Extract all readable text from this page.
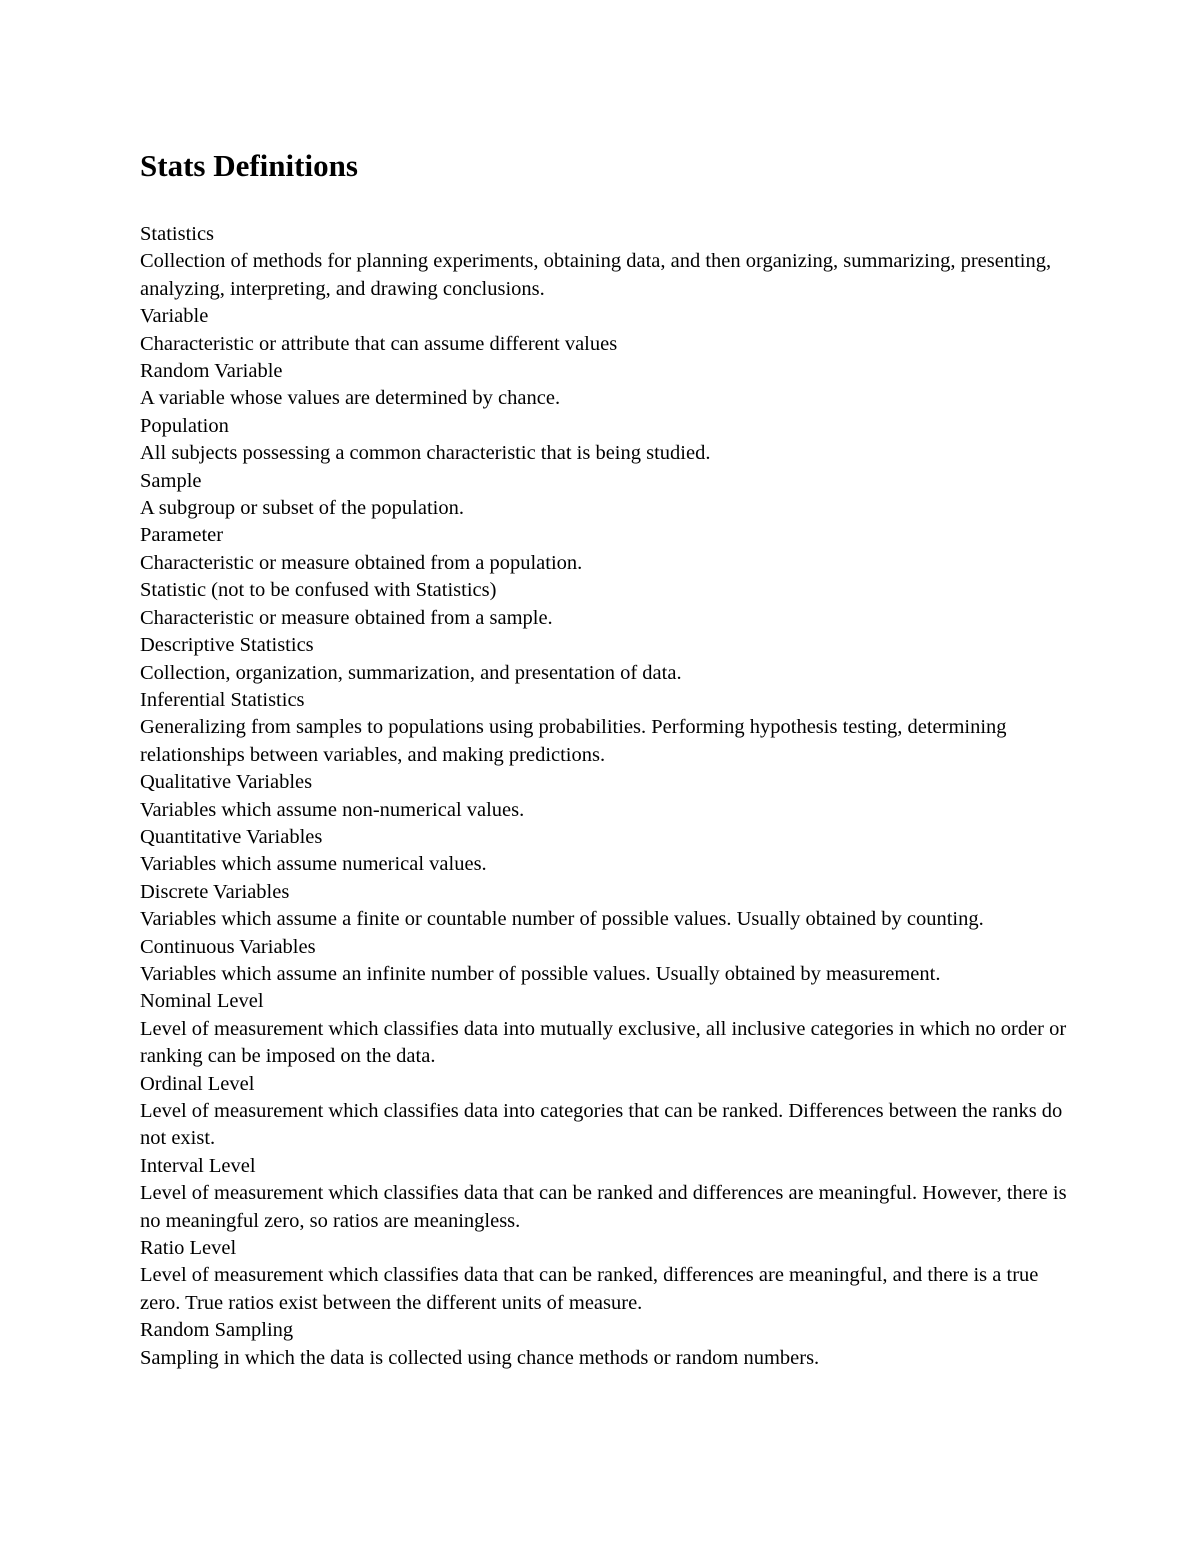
Stats Definitions
Statistics
Collection of methods for planning experiments, obtaining data, and then organizing, summarizing, presenting, analyzing, interpreting, and drawing conclusions.
Variable
Characteristic or attribute that can assume different values
Random Variable
A variable whose values are determined by chance.
Population
All subjects possessing a common characteristic that is being studied.
Sample
A subgroup or subset of the population.
Parameter
Characteristic or measure obtained from a population.
Statistic (not to be confused with Statistics)
Characteristic or measure obtained from a sample.
Descriptive Statistics
Collection, organization, summarization, and presentation of data.
Inferential Statistics
Generalizing from samples to populations using probabilities. Performing hypothesis testing, determining relationships between variables, and making predictions.
Qualitative Variables
Variables which assume non-numerical values.
Quantitative Variables
Variables which assume numerical values.
Discrete Variables
Variables which assume a finite or countable number of possible values. Usually obtained by counting.
Continuous Variables
Variables which assume an infinite number of possible values. Usually obtained by measurement.
Nominal Level
Level of measurement which classifies data into mutually exclusive, all inclusive categories in which no order or ranking can be imposed on the data.
Ordinal Level
Level of measurement which classifies data into categories that can be ranked. Differences between the ranks do not exist.
Interval Level
Level of measurement which classifies data that can be ranked and differences are meaningful. However, there is no meaningful zero, so ratios are meaningless.
Ratio Level
Level of measurement which classifies data that can be ranked, differences are meaningful, and there is a true zero. True ratios exist between the different units of measure.
Random Sampling
Sampling in which the data is collected using chance methods or random numbers.
